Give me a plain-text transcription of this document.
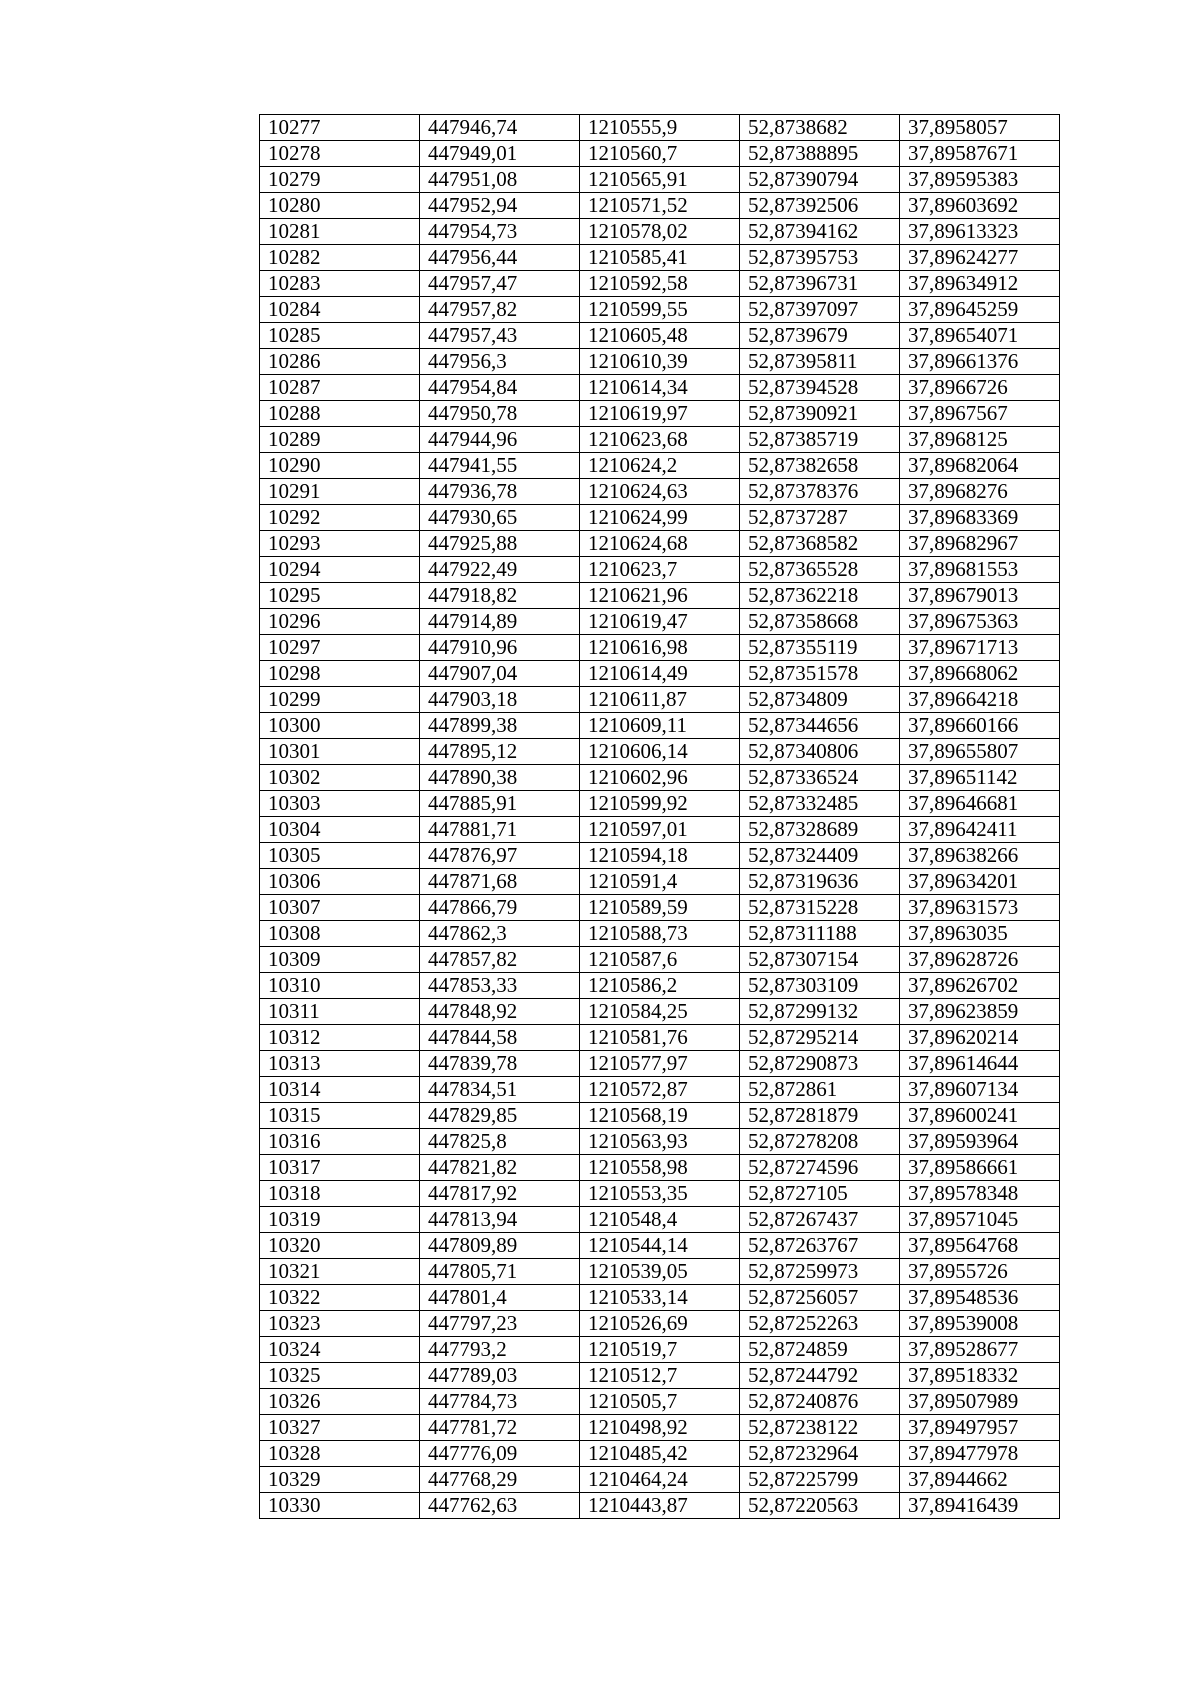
10277	447946,74	1210555,9	52,8738682	37,8958057
10278	447949,01	1210560,7	52,87388895	37,89587671
10279	447951,08	1210565,91	52,87390794	37,89595383
10280	447952,94	1210571,52	52,87392506	37,89603692
10281	447954,73	1210578,02	52,87394162	37,89613323
10282	447956,44	1210585,41	52,87395753	37,89624277
10283	447957,47	1210592,58	52,87396731	37,89634912
10284	447957,82	1210599,55	52,87397097	37,89645259
10285	447957,43	1210605,48	52,8739679	37,89654071
10286	447956,3	1210610,39	52,87395811	37,89661376
10287	447954,84	1210614,34	52,87394528	37,8966726
10288	447950,78	1210619,97	52,87390921	37,8967567
10289	447944,96	1210623,68	52,87385719	37,8968125
10290	447941,55	1210624,2	52,87382658	37,89682064
10291	447936,78	1210624,63	52,87378376	37,8968276
10292	447930,65	1210624,99	52,8737287	37,89683369
10293	447925,88	1210624,68	52,87368582	37,89682967
10294	447922,49	1210623,7	52,87365528	37,89681553
10295	447918,82	1210621,96	52,87362218	37,89679013
10296	447914,89	1210619,47	52,87358668	37,89675363
10297	447910,96	1210616,98	52,87355119	37,89671713
10298	447907,04	1210614,49	52,87351578	37,89668062
10299	447903,18	1210611,87	52,8734809	37,89664218
10300	447899,38	1210609,11	52,87344656	37,89660166
10301	447895,12	1210606,14	52,87340806	37,89655807
10302	447890,38	1210602,96	52,87336524	37,89651142
10303	447885,91	1210599,92	52,87332485	37,89646681
10304	447881,71	1210597,01	52,87328689	37,89642411
10305	447876,97	1210594,18	52,87324409	37,89638266
10306	447871,68	1210591,4	52,87319636	37,89634201
10307	447866,79	1210589,59	52,87315228	37,89631573
10308	447862,3	1210588,73	52,87311188	37,8963035
10309	447857,82	1210587,6	52,87307154	37,89628726
10310	447853,33	1210586,2	52,87303109	37,89626702
10311	447848,92	1210584,25	52,87299132	37,89623859
10312	447844,58	1210581,76	52,87295214	37,89620214
10313	447839,78	1210577,97	52,87290873	37,89614644
10314	447834,51	1210572,87	52,872861	37,89607134
10315	447829,85	1210568,19	52,87281879	37,89600241
10316	447825,8	1210563,93	52,87278208	37,89593964
10317	447821,82	1210558,98	52,87274596	37,89586661
10318	447817,92	1210553,35	52,8727105	37,89578348
10319	447813,94	1210548,4	52,87267437	37,89571045
10320	447809,89	1210544,14	52,87263767	37,89564768
10321	447805,71	1210539,05	52,87259973	37,8955726
10322	447801,4	1210533,14	52,87256057	37,89548536
10323	447797,23	1210526,69	52,87252263	37,89539008
10324	447793,2	1210519,7	52,8724859	37,89528677
10325	447789,03	1210512,7	52,87244792	37,89518332
10326	447784,73	1210505,7	52,87240876	37,89507989
10327	447781,72	1210498,92	52,87238122	37,89497957
10328	447776,09	1210485,42	52,87232964	37,89477978
10329	447768,29	1210464,24	52,87225799	37,8944662
10330	447762,63	1210443,87	52,87220563	37,89416439
